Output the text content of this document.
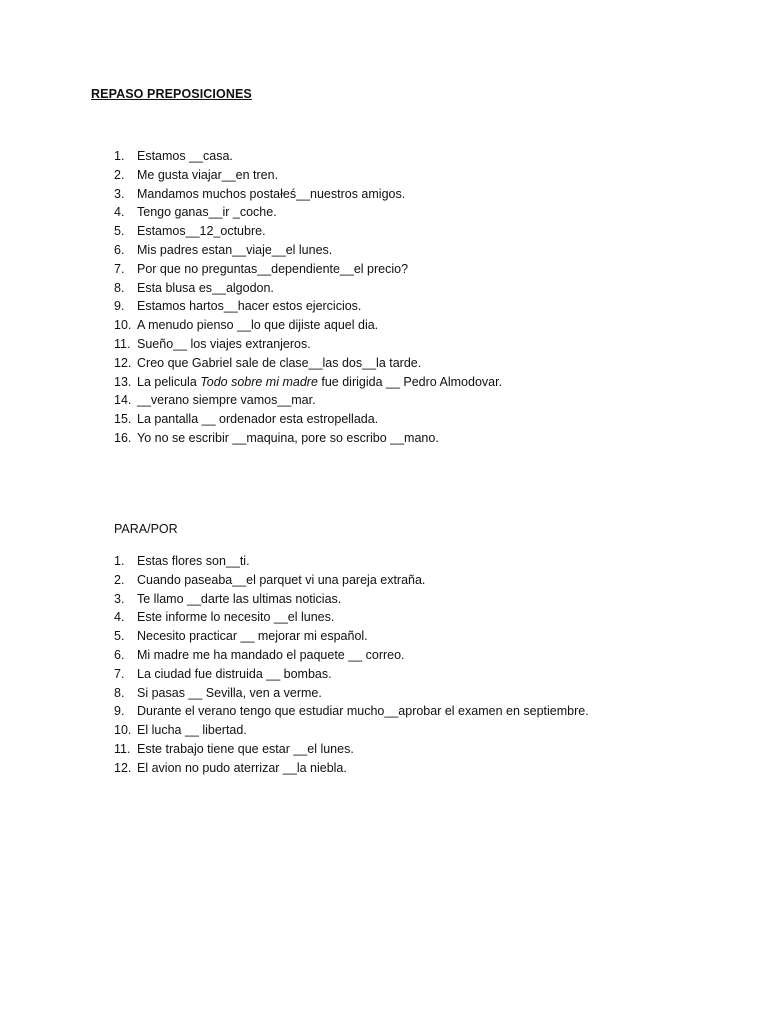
REPASO PREPOSICIONES
1.	Estamos __casa.
2.	Me gusta viajar__en tren.
3.	Mandamos muchos postałeś__nuestros amigos.
4.	Tengo ganas__ir _coche.
5.	Estamos__12_octubre.
6.	Mis padres estan__viaje__el lunes.
7.	Por que no preguntas__dependiente__el precio?
8.	Esta blusa es__algodon.
9.	Estamos hartos__hacer estos ejercicios.
10. A menudo pienso __lo que dijiste aquel dia.
11. Sueño__ los viajes extranjeros.
12. Creo que Gabriel sale de clase__las dos__la tarde.
13. La pelicula Todo sobre mi madre fue dirigida __ Pedro Almodovar.
14. __verano siempre vamos__mar.
15. La pantalla __ ordenador esta estropellada.
16. Yo no se escribir __maquina, pore so escribo __mano.
PARA/POR
1.	Estas flores son__ti.
2.	Cuando paseaba__el parquet vi una pareja extraña.
3.	Te llamo __darte las ultimas noticias.
4.	Este informe lo necesito __el lunes.
5.	Necesito practicar __ mejorar mi español.
6.	Mi madre me ha mandado el paquete __ correo.
7.	La ciudad fue distruida __ bombas.
8.	Si pasas __ Sevilla, ven a verme.
9.	Durante el verano tengo que estudiar mucho__aprobar el examen en septiembre.
10. El lucha __ libertad.
11. Este trabajo tiene que estar __el lunes.
12. El avion no pudo aterrizar __la niebla.
